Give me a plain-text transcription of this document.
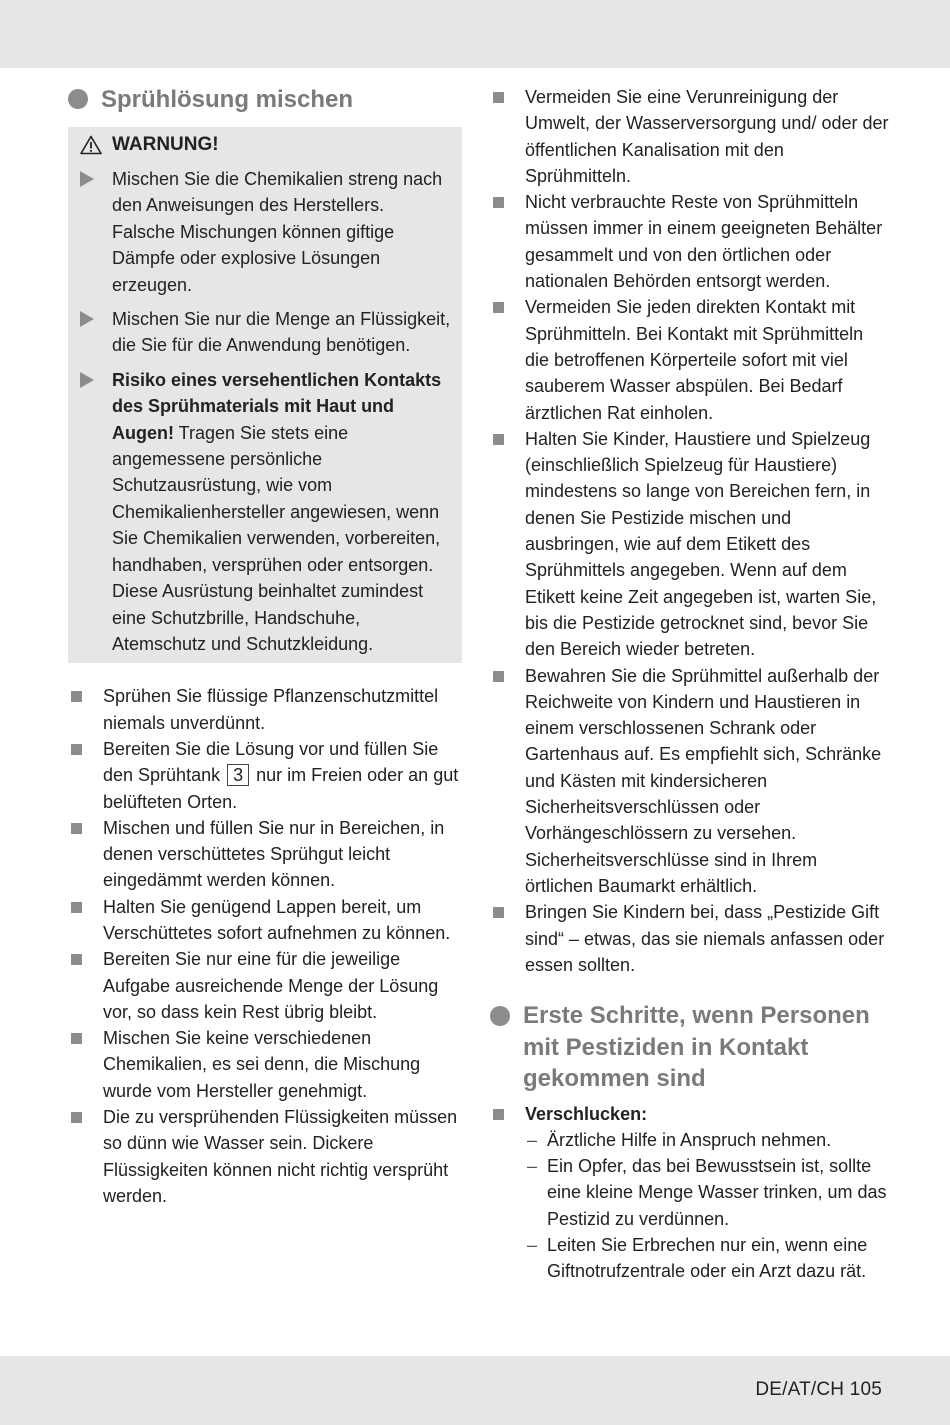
Sprühlösung mischen
WARNUNG!
Mischen Sie die Chemikalien streng nach den Anweisungen des Herstellers. Falsche Mischungen können giftige Dämpfe oder explosive Lösungen erzeugen.
Mischen Sie nur die Menge an Flüssigkeit, die Sie für die Anwendung benötigen.
Risiko eines versehentlichen Kontakts des Sprühmaterials mit Haut und Augen! Tragen Sie stets eine angemessene persönliche Schutzausrüstung, wie vom Chemikalienhersteller angewiesen, wenn Sie Chemikalien verwenden, vorbereiten, handhaben, versprühen oder entsorgen. Diese Ausrüstung beinhaltet zumindest eine Schutzbrille, Handschuhe, Atemschutz und Schutzkleidung.
Sprühen Sie flüssige Pflanzenschutzmittel niemals unverdünnt.
Bereiten Sie die Lösung vor und füllen Sie den Sprühtank 3 nur im Freien oder an gut belüfteten Orten.
Mischen und füllen Sie nur in Bereichen, in denen verschüttetes Sprühgut leicht eingedämmt werden können.
Halten Sie genügend Lappen bereit, um Verschüttetes sofort aufnehmen zu können.
Bereiten Sie nur eine für die jeweilige Aufgabe ausreichende Menge der Lösung vor, so dass kein Rest übrig bleibt.
Mischen Sie keine verschiedenen Chemikalien, es sei denn, die Mischung wurde vom Hersteller genehmigt.
Die zu versprühenden Flüssigkeiten müssen so dünn wie Wasser sein. Dickere Flüssigkeiten können nicht richtig versprüht werden.
Vermeiden Sie eine Verunreinigung der Umwelt, der Wasserversorgung und/ oder der öffentlichen Kanalisation mit den Sprühmitteln.
Nicht verbrauchte Reste von Sprühmitteln müssen immer in einem geeigneten Behälter gesammelt und von den örtlichen oder nationalen Behörden entsorgt werden.
Vermeiden Sie jeden direkten Kontakt mit Sprühmitteln. Bei Kontakt mit Sprühmitteln die betroffenen Körperteile sofort mit viel sauberem Wasser abspülen. Bei Bedarf ärztlichen Rat einholen.
Halten Sie Kinder, Haustiere und Spielzeug (einschließlich Spielzeug für Haustiere) mindestens so lange von Bereichen fern, in denen Sie Pestizide mischen und ausbringen, wie auf dem Etikett des Sprühmittels angegeben. Wenn auf dem Etikett keine Zeit angegeben ist, warten Sie, bis die Pestizide getrocknet sind, bevor Sie den Bereich wieder betreten.
Bewahren Sie die Sprühmittel außerhalb der Reichweite von Kindern und Haustieren in einem verschlossenen Schrank oder Gartenhaus auf. Es empfiehlt sich, Schränke und Kästen mit kindersicheren Sicherheitsverschlüssen oder Vorhängeschlössern zu versehen. Sicherheitsverschlüsse sind in Ihrem örtlichen Baumarkt erhältlich.
Bringen Sie Kindern bei, dass „Pestizide Gift sind“ – etwas, das sie niemals anfassen oder essen sollten.
Erste Schritte, wenn Personen mit Pestiziden in Kontakt gekommen sind
Verschlucken:
– Ärztliche Hilfe in Anspruch nehmen.
– Ein Opfer, das bei Bewusstsein ist, sollte eine kleine Menge Wasser trinken, um das Pestizid zu verdünnen.
– Leiten Sie Erbrechen nur ein, wenn eine Giftnotrufzentrale oder ein Arzt dazu rät.
DE/AT/CH 105
